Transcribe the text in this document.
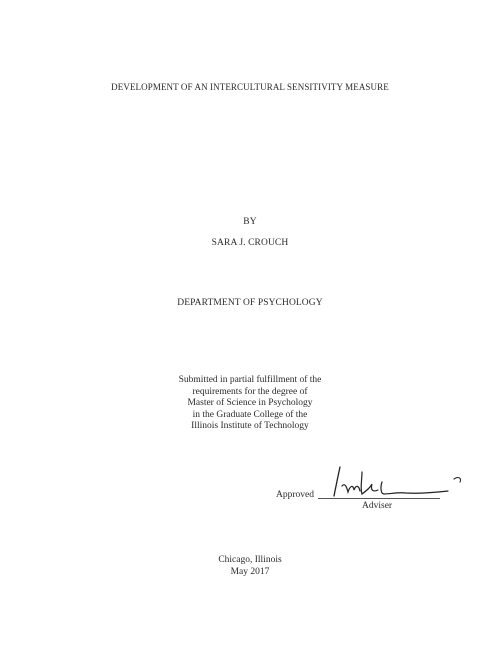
DEVELOPMENT OF AN INTERCULTURAL SENSITIVITY MEASURE
BY
SARA J. CROUCH
DEPARTMENT OF PSYCHOLOGY
Submitted in partial fulfillment of the
requirements for the degree of
Master of Science in Psychology
in the Graduate College of the
Illinois Institute of Technology
Approved
Adviser
Chicago, Illinois
May 2017
